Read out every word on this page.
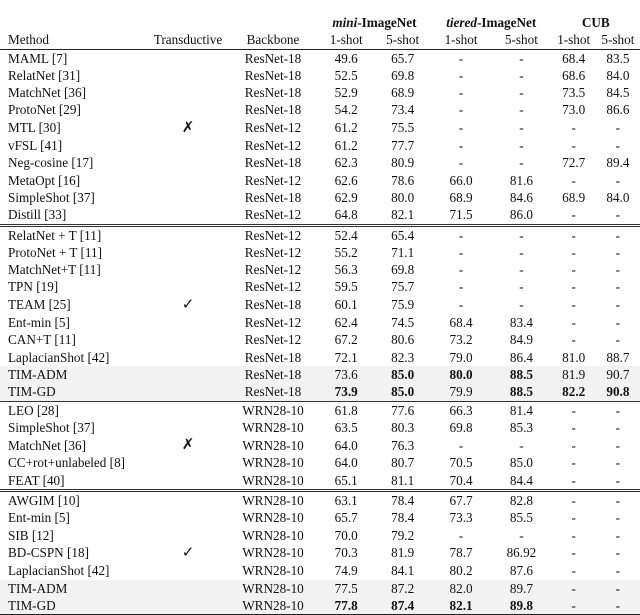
			mini-ImageNet		tiered-ImageNet		CUB	
Method	Transductive	Backbone	1-shot	5-shot	1-shot	5-shot	1-shot	5-shot
MAML [7]		ResNet-18	49.6	65.7	-	-	68.4	83.5
RelatNet [31]		ResNet-18	52.5	69.8	-	-	68.6	84.0
MatchNet [36]		ResNet-18	52.9	68.9	-	-	73.5	84.5
ProtoNet [29]		ResNet-18	54.2	73.4	-	-	73.0	86.6
MTL [30]	✗	ResNet-12	61.2	75.5	-	-	-	-
vFSL [41]		ResNet-12	61.2	77.7	-	-	-	-
Neg-cosine [17]		ResNet-18	62.3	80.9	-	-	72.7	89.4
MetaOpt [16]		ResNet-12	62.6	78.6	66.0	81.6	-	-
SimpleShot [37]		ResNet-18	62.9	80.0	68.9	84.6	68.9	84.0
Distill [33]		ResNet-12	64.8	82.1	71.5	86.0	-	-
RelatNet + T [11]		ResNet-12	52.4	65.4	-	-	-	-
ProtoNet + T [11]		ResNet-12	55.2	71.1	-	-	-	-
MatchNet+T [11]		ResNet-12	56.3	69.8	-	-	-	-
TPN [19]		ResNet-12	59.5	75.7	-	-	-	-
TEAM [25]	✓	ResNet-18	60.1	75.9	-	-	-	-
Ent-min [5]		ResNet-12	62.4	74.5	68.4	83.4	-	-
CAN+T [11]		ResNet-12	67.2	80.6	73.2	84.9	-	-
LaplacianShot [42]		ResNet-18	72.1	82.3	79.0	86.4	81.0	88.7
TIM-ADM		ResNet-18	73.6	85.0	80.0	88.5	81.9	90.7
TIM-GD		ResNet-18	73.9	85.0	79.9	88.5	82.2	90.8
LEO [28]		WRN28-10	61.8	77.6	66.3	81.4	-	-
SimpleShot [37]		WRN28-10	63.5	80.3	69.8	85.3	-	-
MatchNet [36]	✗	WRN28-10	64.0	76.3	-	-	-	-
CC+rot+unlabeled [8]		WRN28-10	64.0	80.7	70.5	85.0	-	-
FEAT [40]		WRN28-10	65.1	81.1	70.4	84.4	-	-
AWGIM [10]		WRN28-10	63.1	78.4	67.7	82.8	-	-
Ent-min [5]		WRN28-10	65.7	78.4	73.3	85.5	-	-
SIB [12]		WRN28-10	70.0	79.2	-	-	-	-
BD-CSPN [18]	✓	WRN28-10	70.3	81.9	78.7	86.92	-	-
LaplacianShot [42]		WRN28-10	74.9	84.1	80.2	87.6	-	-
TIM-ADM		WRN28-10	77.5	87.2	82.0	89.7	-	-
TIM-GD		WRN28-10	77.8	87.4	82.1	89.8	-	-
